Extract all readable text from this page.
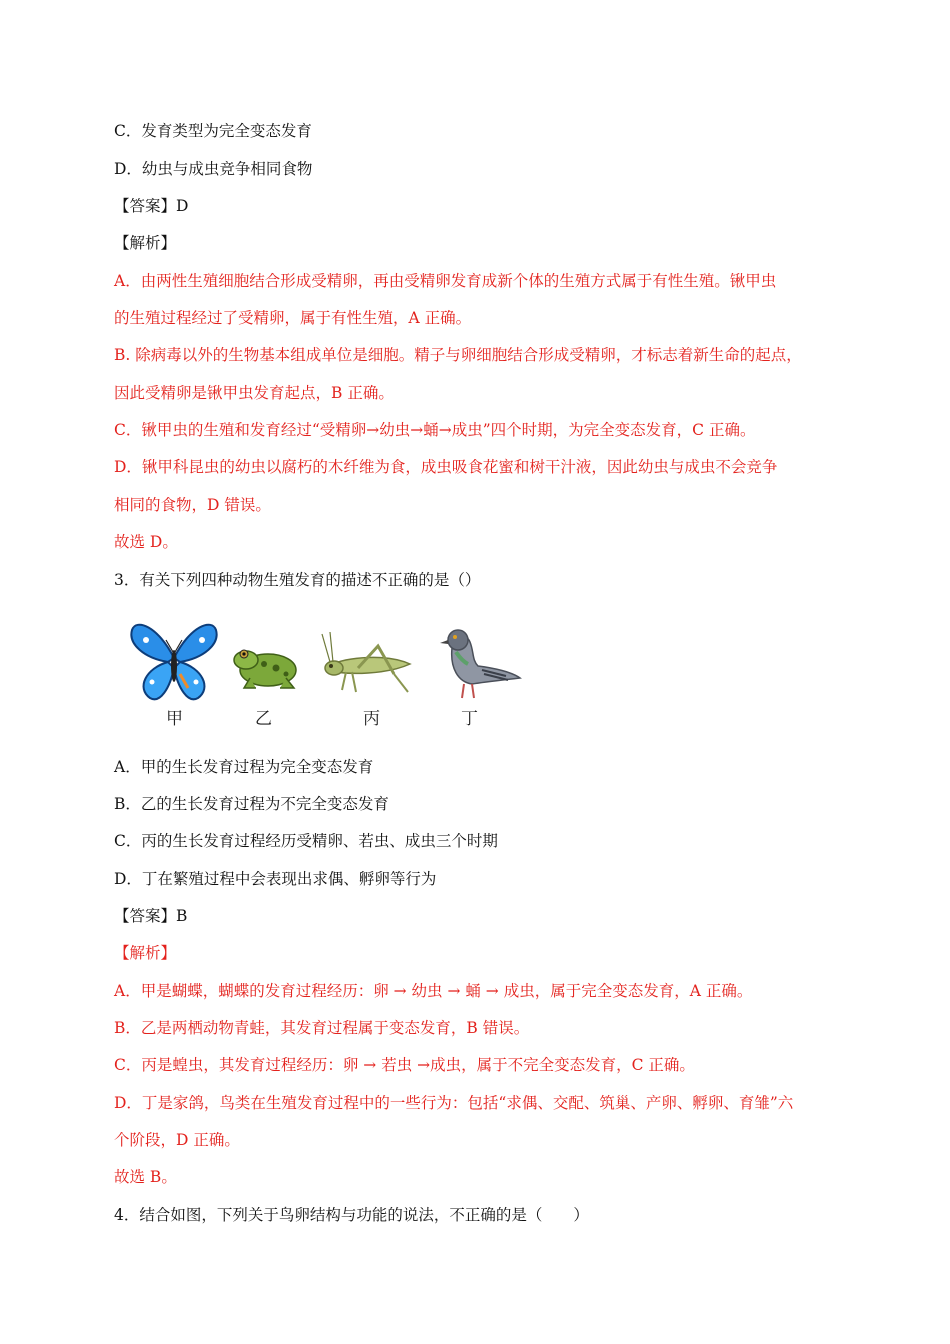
C．发育类型为完全变态发育
D．幼虫与成虫竞争相同食物
【答案】D
【解析】
A．由两性生殖细胞结合形成受精卵，再由受精卵发育成新个体的生殖方式属于有性生殖。锹甲虫
的生殖过程经过了受精卵，属于有性生殖，A 正确。
B. 除病毒以外的生物基本组成单位是细胞。精子与卵细胞结合形成受精卵，才标志着新生命的起点，
因此受精卵是锹甲虫发育起点，B 正确。
C．锹甲虫的生殖和发育经过“受精卵→幼虫→蛹→成虫”四个时期，为完全变态发育，C 正确。
D．锹甲科昆虫的幼虫以腐朽的木纤维为食，成虫吸食花蜜和树干汁液，因此幼虫与成虫不会竞争
相同的食物，D 错误。
故选 D。
3．有关下列四种动物生殖发育的描述不正确的是（）
甲	乙	丙	丁
A．甲的生长发育过程为完全变态发育
B．乙的生长发育过程为不完全变态发育
C．丙的生长发育过程经历受精卵、若虫、成虫三个时期
D．丁在繁殖过程中会表现出求偶、孵卵等行为
【答案】B
【解析】
A．甲是蝴蝶，蝴蝶的发育过程经历：卵 → 幼虫 → 蛹 → 成虫，属于完全变态发育，A 正确。
B．乙是两栖动物青蛙，其发育过程属于变态发育，B 错误。
C．丙是蝗虫，其发育过程经历：卵 → 若虫 →成虫，属于不完全变态发育，C 正确。
D．丁是家鸽，鸟类在生殖发育过程中的一些行为：包括“求偶、交配、筑巢、产卵、孵卵、育雏”六
个阶段，D 正确。
故选 B。
4．结合如图，下列关于鸟卵结构与功能的说法，不正确的是（　　）
